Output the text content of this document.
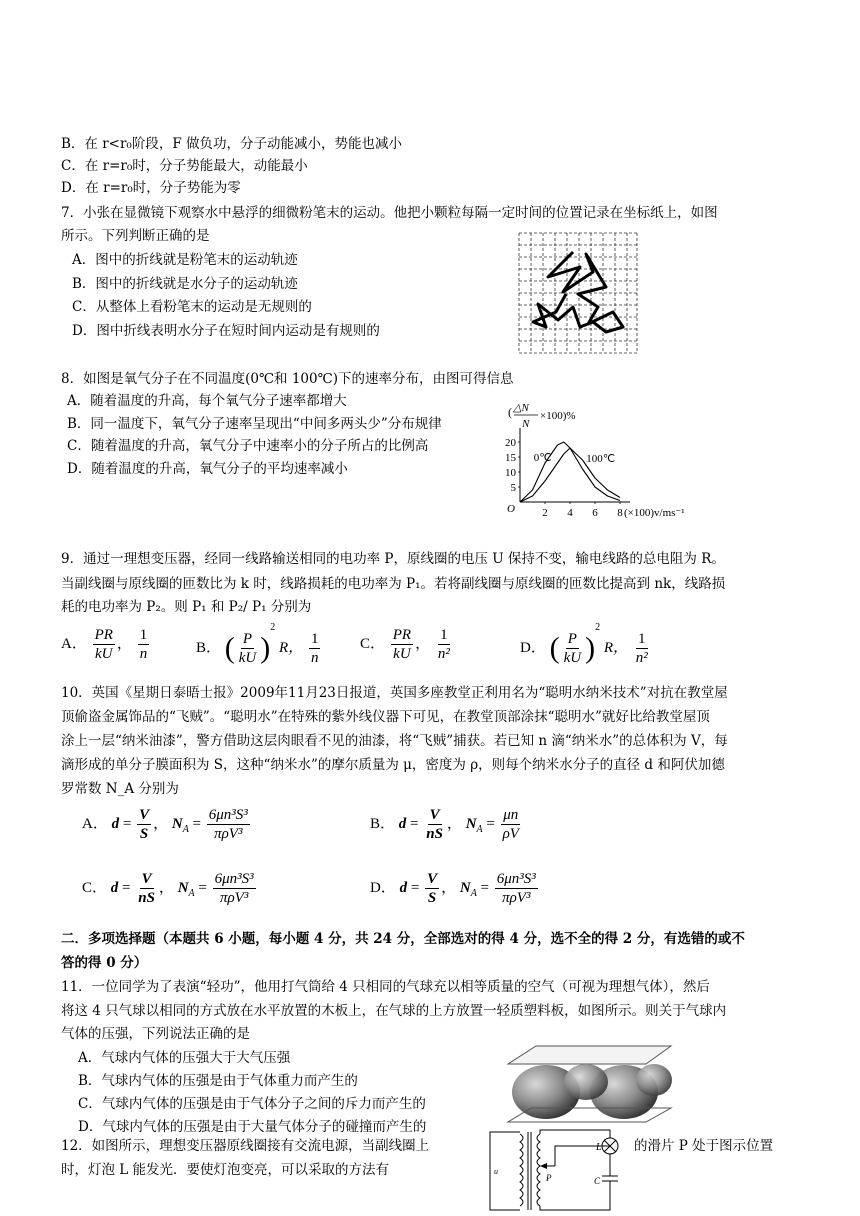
B．在 r<r₀阶段，F 做负功，分子动能减小，势能也减小
C．在 r=r₀时，分子势能最大，动能最小
D．在 r=r₀时，分子势能为零
7．小张在显微镜下观察水中悬浮的细微粉笔末的运动。他把小颗粒每隔一定时间的位置记录在坐标纸上，如图
所示。下列判断正确的是
A．图中的折线就是粉笔末的运动轨迹
B．图中的折线就是水分子的运动轨迹
C．从整体上看粉笔末的运动是无规则的
D．图中折线表明水分子在短时间内运动是有规则的
8．如图是氧气分子在不同温度(0℃和 100℃)下的速率分布，由图可得信息
A．随着温度的升高，每个氧气分子速率都增大
B．同一温度下，氧气分子速率呈现出“中间多两头少”分布规律
C．随着温度的升高，氧气分子中速率小的分子所占的比例高
D．随着温度的升高，氧气分子的平均速率减小
( △N
N
×100)%
20
15
10
5
O 2 4 6 8 (×100)v/ms⁻¹
0℃	100℃
9．通过一理想变压器，经同一线路输送相同的电功率 P，原线圈的电压 U 保持不变，输电线路的总电阻为 R。
当副线圈与原线圈的匝数比为 k 时，线路损耗的电功率为 P₁。若将副线圈与原线圈的匝数比提高到 nk，线路损
耗的电功率为 P₂。则 P₁ 和 P₂/ P₁ 分别为
A． $\frac{PR}{kU}$ ， $\frac{1}{n}$	B． ( $\frac{P}{kU} )^2$ R， $\frac{1}{n}$	C． $\frac{PR}{kU}$ ， $\frac{1}{\text{n²}}$	D． ( $\frac{P}{kU} )^2$ R， $\frac{1}{\text{n²}}$
10．英国《星期日泰晤士报》2009年11月23日报道，英国多座教堂正利用名为“聪明水纳米技术”对抗在教堂屋
顶偷盗金属饰品的“飞贼”。“聪明水”在特殊的紫外线仪器下可见，在教堂顶部涂抹“聪明水”就好比给教堂屋顶
涂上一层“纳米油漆”，警方借助这层肉眼看不见的油漆，将“飞贼”捕获。若已知 n 滴“纳米水”的总体积为 V，每
滴形成的单分子膜面积为 S，这种“纳米水”的摩尔质量为 μ，密度为 ρ，则每个纳米水分子的直径 d 和阿伏加德
罗常数 N_A 分别为
A． $d = \frac{V}{S}$ ， $N_A = \frac{\text{6μn³S³}}{\text{πρV³}}$	B． $d = \frac{V}{nS}$ ， $N_A = \frac{\mu n}{\rho V}$
C． $d = \frac{V}{nS}$ ， $N_A = \frac{\text{6μn³S³}}{\text{πρV³}}$	D． $d = \frac{V}{S}$ ， $N_A = \frac{\text{6μn³S³}}{\text{πρV³}}$
二．多项选择题（本题共 6 小题，每小题 4 分，共 24 分，全部选对的得 4 分，选不全的得 2 分，有选错的或不
答的得 0 分）
11．一位同学为了表演“轻功”，他用打气筒给 4 只相同的气球充以相等质量的空气（可视为理想气体），然后
将这 4 只气球以相同的方式放在水平放置的木板上，在气球的上方放置一轻质塑料板，如图所示。则关于气球内
气体的压强，下列说法正确的是
A．气球内气体的压强大于大气压强
B．气球内气体的压强是由于气体重力而产生的
C．气球内气体的压强是由于气体分子之间的斥力而产生的
D．气球内气体的压强是由于大量气体分子的碰撞而产生的
12．如图所示，理想变压器原线圈接有交流电源，当副线圈上	的滑片 P 处于图示位置
时，灯泡 L 能发光．要使灯泡变亮，可以采取的方法有
L
C
P
u
